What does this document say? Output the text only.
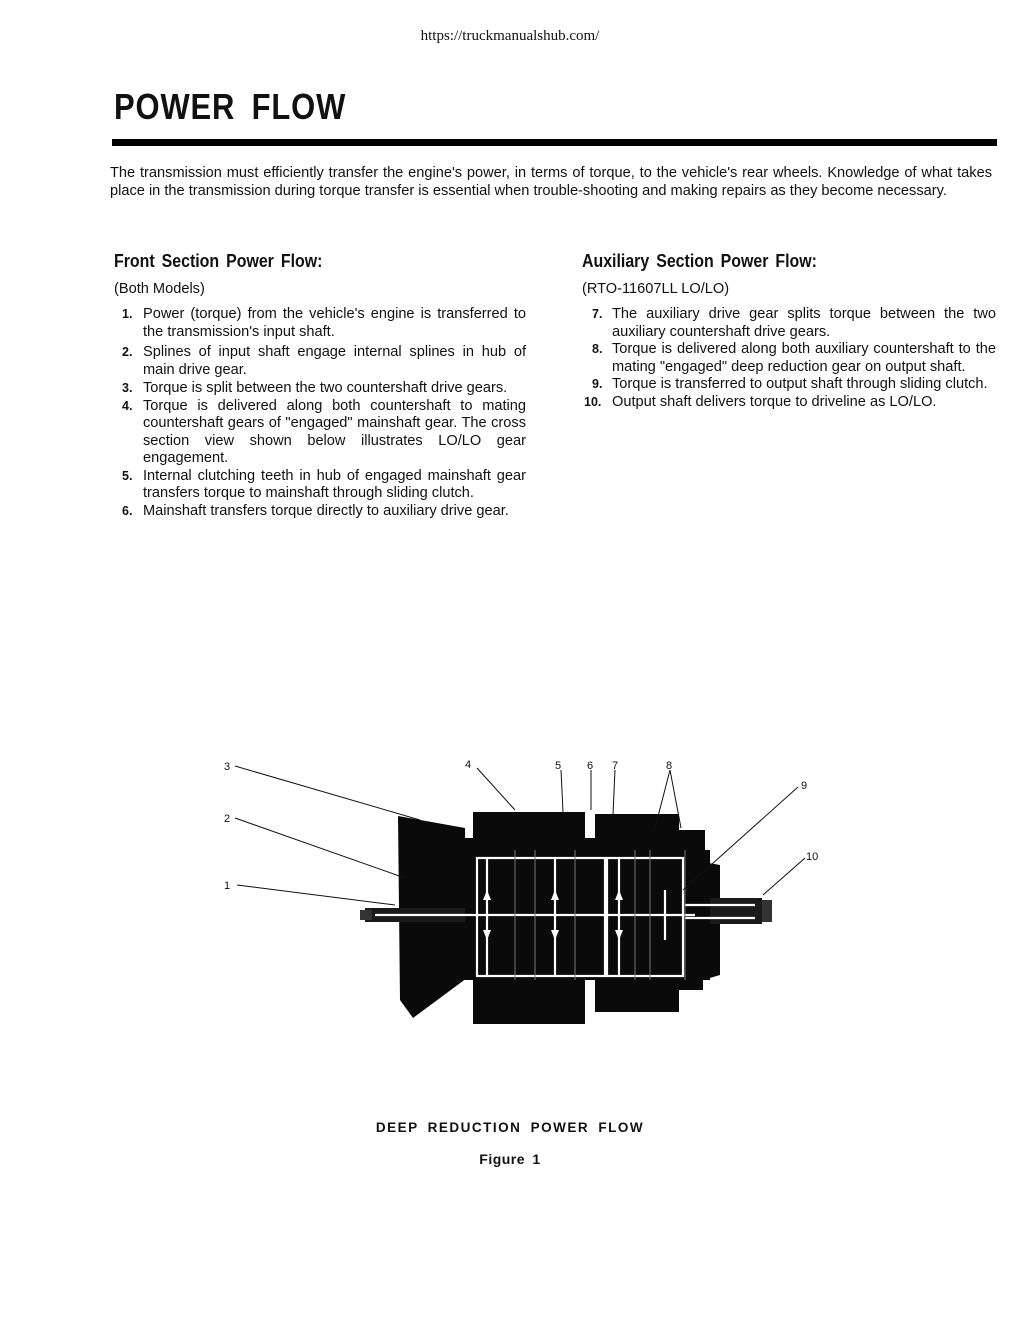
https://truckmanualshub.com/
POWER FLOW
The transmission must efficiently transfer the engine's power, in terms of torque, to the vehicle's rear wheels. Knowledge of what takes place in the transmission during torque transfer is essential when trouble-shooting and making repairs as they become necessary.
Front Section Power Flow:
(Both Models)
1. Power (torque) from the vehicle's engine is transferred to the transmission's input shaft.
2. Splines of input shaft engage internal splines in hub of main drive gear.
3. Torque is split between the two countershaft drive gears.
4. Torque is delivered along both countershaft to mating countershaft gears of "engaged" mainshaft gear. The cross section view shown below illustrates LO/LO gear engagement.
5. Internal clutching teeth in hub of engaged mainshaft gear transfers torque to mainshaft through sliding clutch.
6. Mainshaft transfers torque directly to auxiliary drive gear.
Auxiliary Section Power Flow:
(RTO-11607LL LO/LO)
7. The auxiliary drive gear splits torque between the two auxiliary countershaft drive gears.
8. Torque is delivered along both auxiliary countershaft to the mating "engaged" deep reduction gear on output shaft.
9. Torque is transferred to output shaft through sliding clutch.
10. Output shaft delivers torque to driveline as LO/LO.
3
2
1
4	5 6 7	8
9
10
DEEP REDUCTION POWER FLOW
Figure 1
